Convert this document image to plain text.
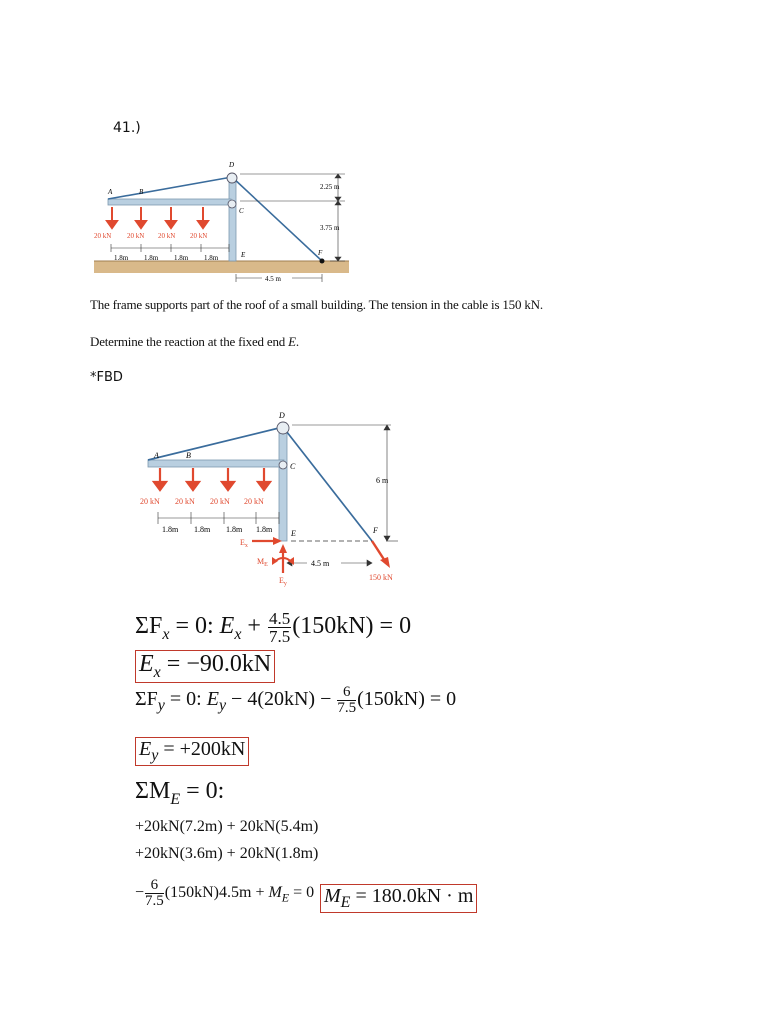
41.)
A	B
C
D
E	F
20 kN 20 kN 20 kN 20 kN
1.8m 1.8m 1.8m 1.8m
2.25 m
3.75 m
4.5 m
The frame supports part of the roof of a small building. The tension in the cable is 150 kN.
Determine the reaction at the fixed end E.
*FBD
A	B
C
D
E	F
20 kN 20 kN 20 kN 20 kN
1.8m 1.8m 1.8m 1.8m
6 m
4.5 m
$E_x$
$E_y$
$M_E$
150 kN
$\Sigma F_x = 0$: $E_x + \frac{4.5}{7.5} (150kN) = 0$
$E_x = -90.0kN$
$\Sigma F_y = 0$: $E_y - 4(20kN) - \frac{6}{7.5} (150kN) = 0$
$E_y = +200kN$
$\Sigma M_E = 0$:
+20kN(7.2m) + 20kN(5.4m)
+20kN(3.6m) + 20kN(1.8m)
− $\frac{6}{7.5} (150kN)4.5m + M_E = 0$ $M_E = 180.0kN \cdot m$
